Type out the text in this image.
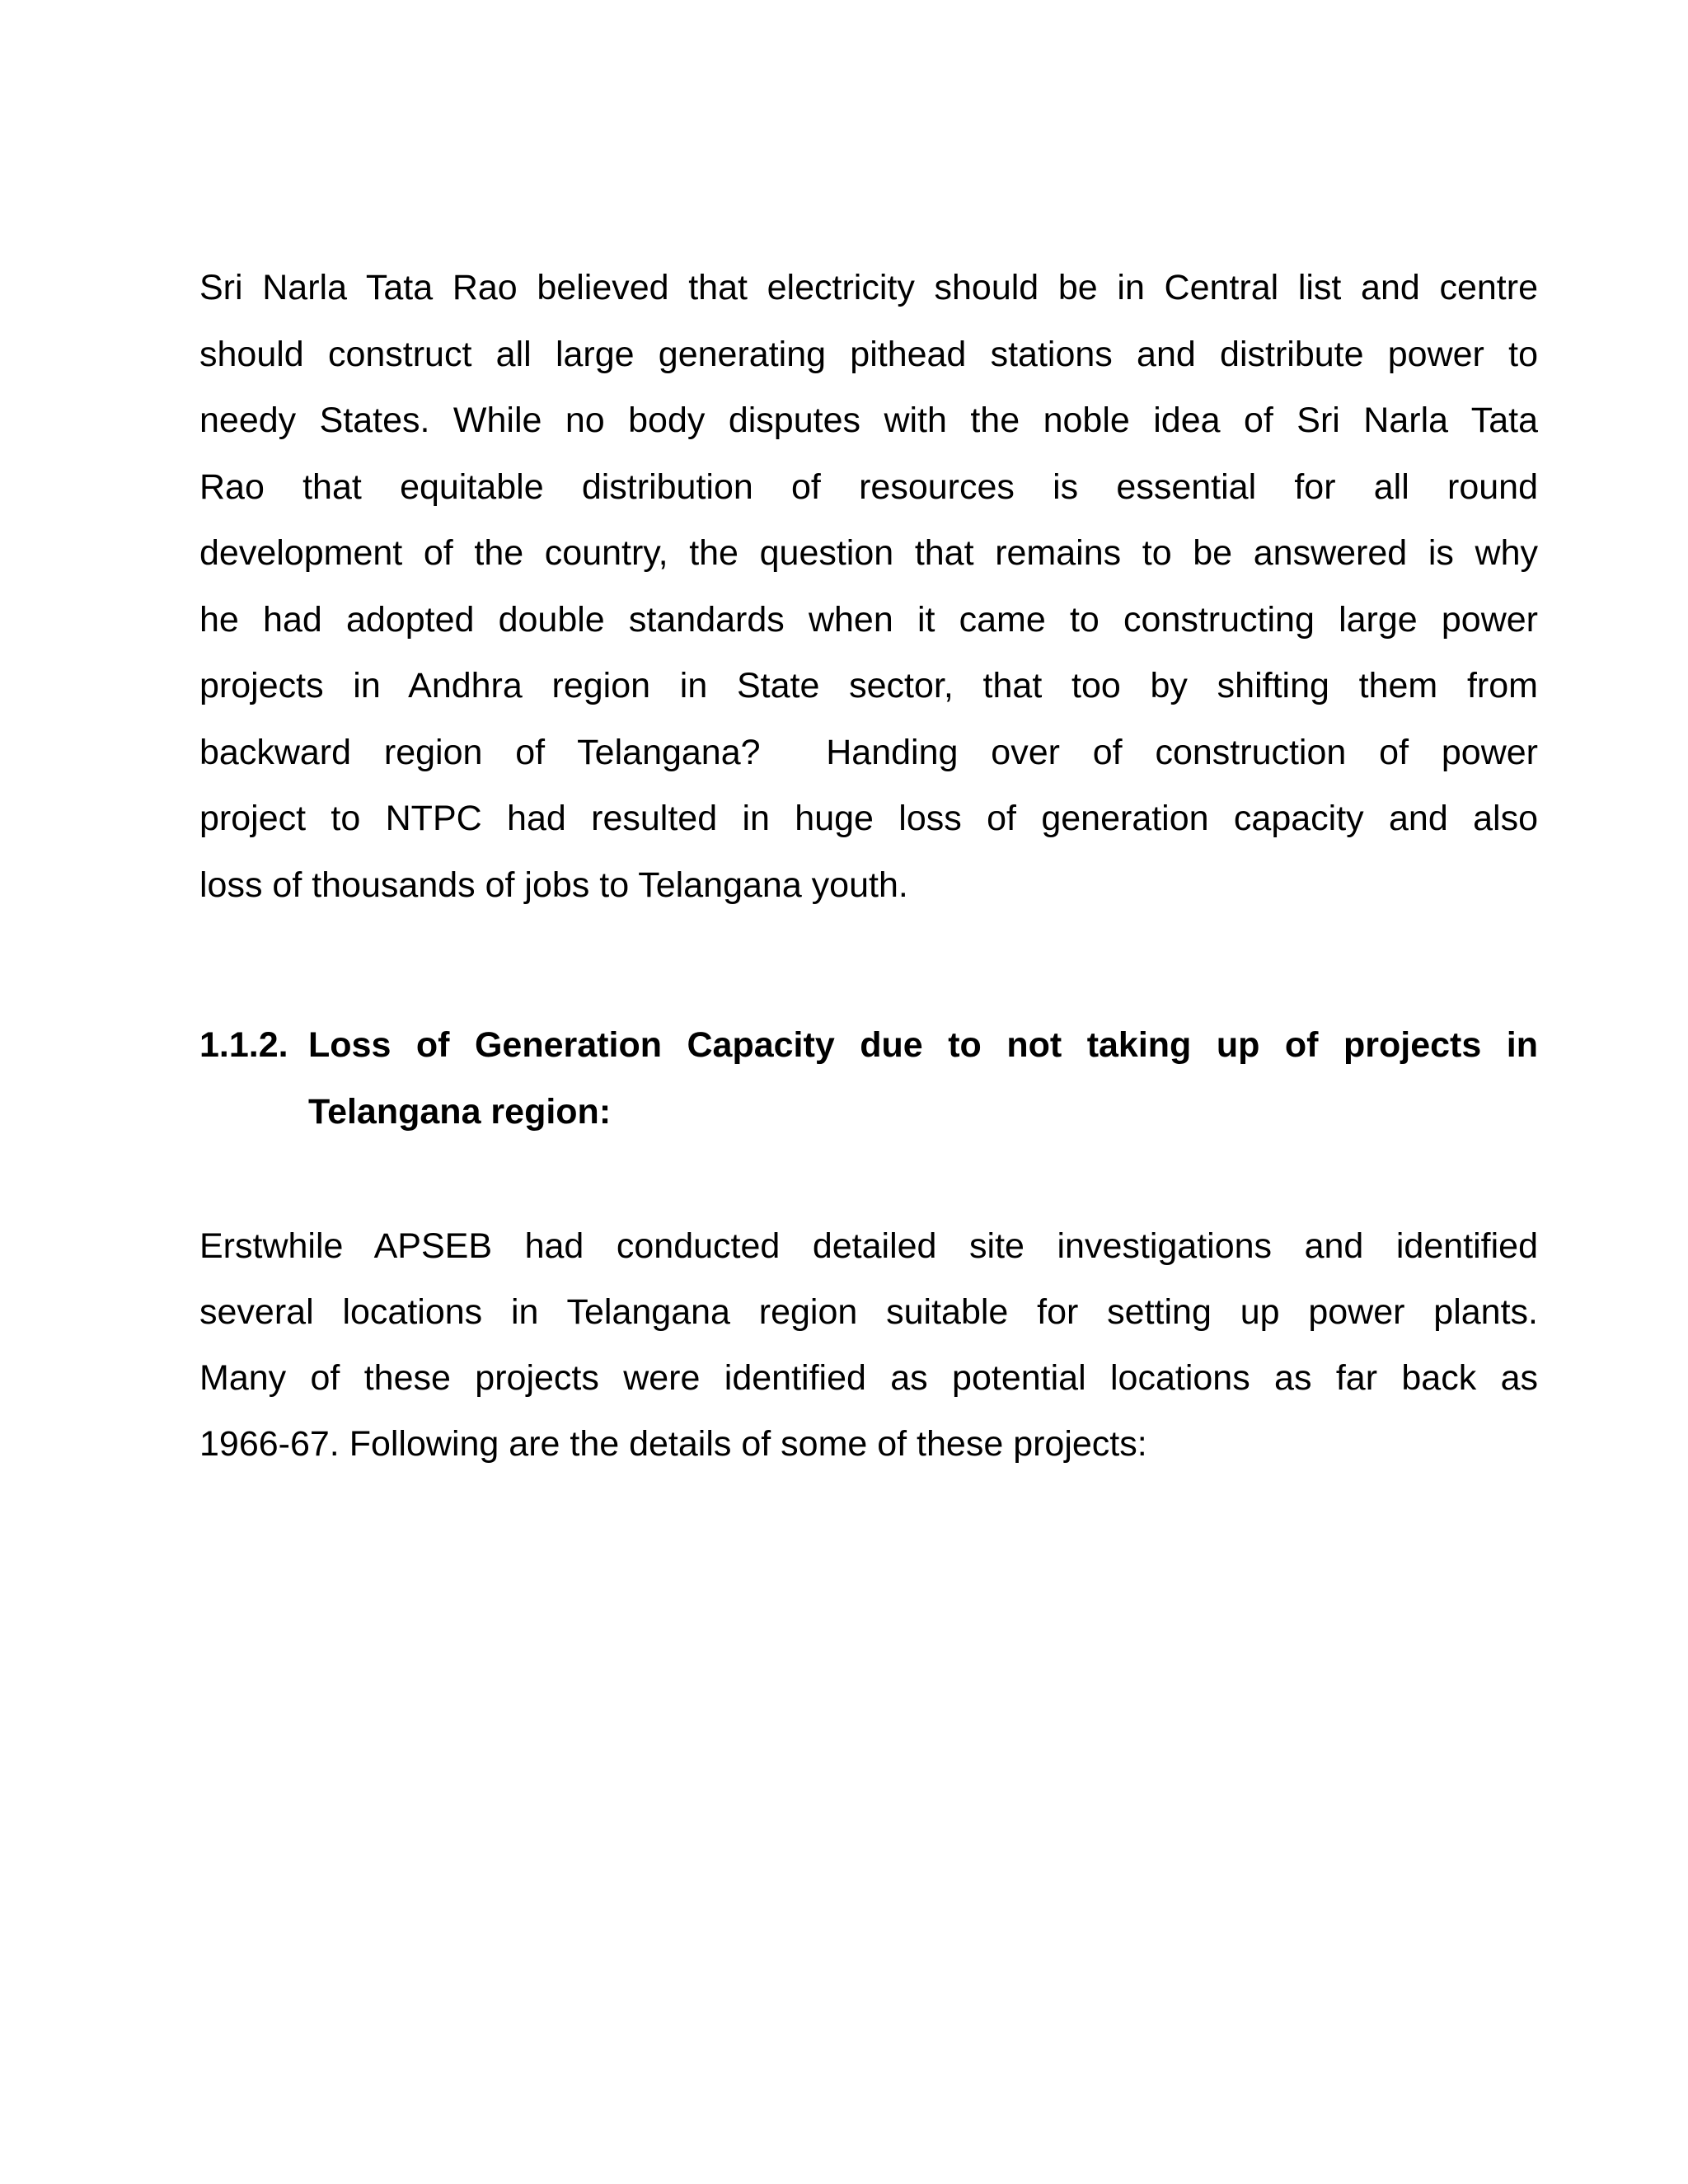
Sri Narla Tata Rao believed that electricity should be in Central list and centre
should construct all large generating pithead stations and distribute power to
needy States. While no body disputes with the noble idea of Sri Narla Tata
Rao that equitable distribution of resources is essential for all round
development of the country, the question that remains to be answered is why
he had adopted double standards when it came to constructing large power
projects in Andhra region in State sector, that too by shifting them from
backward region of Telangana?  Handing over of construction of power
project to NTPC had resulted in huge loss of generation capacity and also
loss of thousands of jobs to Telangana youth.
1.1.2. Loss of Generation Capacity due to not taking up of projects in
Telangana region:
Erstwhile APSEB had conducted detailed site investigations and identified
several locations in Telangana region suitable for setting up power plants.
Many of these projects were identified as potential locations as far back as
1966-67. Following are the details of some of these projects:
